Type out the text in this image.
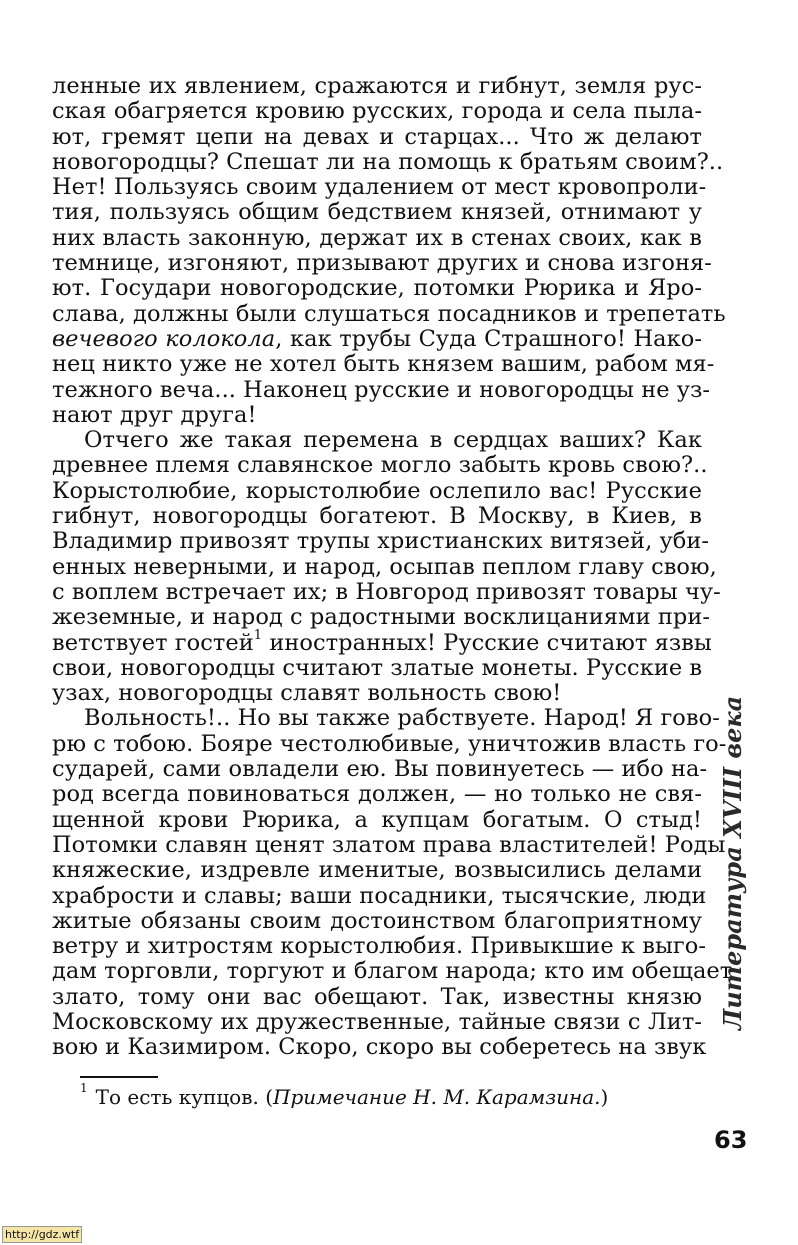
ленные их явлением, сражаются и гибнут, земля рус-
ская обагряется кровию русских, города и села пыла-
ют, гремят цепи на девах и старцах... Что ж делают
новогородцы? Спешат ли на помощь к братьям своим?..
Нет! Пользуясь своим удалением от мест кровопроли-
тия, пользуясь общим бедствием князей, отнимают у
них власть законную, держат их в стенах своих, как в
темнице, изгоняют, призывают других и снова изгоня-
ют. Государи новогородские, потомки Рюрика и Яро-
слава, должны были слушаться посадников и трепетать
вечевого колокола, как трубы Суда Страшного! Нако-
нец никто уже не хотел быть князем вашим, рабом мя-
тежного веча... Наконец русские и новогородцы не уз-
нают друг друга!
Отчего же такая перемена в сердцах ваших? Как
древнее племя славянское могло забыть кровь свою?..
Корыстолюбие, корыстолюбие ослепило вас! Русские
гибнут, новогородцы богатеют. В Москву, в Киев, в
Владимир привозят трупы христианских витязей, уби-
енных неверными, и народ, осыпав пеплом главу свою,
с воплем встречает их; в Новгород привозят товары чу-
жеземные, и народ с радостными восклицаниями при-
ветствует гостей$^1$ иностранных! Русские считают язвы
свои, новогородцы считают златые монеты. Русские в
узах, новогородцы славят вольность свою!
Вольность!.. Но вы также рабствуете. Народ! Я гово-
рю с тобою. Бояре честолюбивые, уничтожив власть го-
сударей, сами овладели ею. Вы повинуетесь — ибо на-
род всегда повиноваться должен, — но только не свя-
щенной крови Рюрика, а купцам богатым. О стыд!
Потомки славян ценят златом права властителей! Роды
княжеские, издревле именитые, возвысились делами
храбрости и славы; ваши посадники, тысячские, люди
житые обязаны своим достоинством благоприятному
ветру и хитростям корыстолюбия. Привыкшие к выго-
дам торговли, торгуют и благом народа; кто им обещает
злато, тому они вас обещают. Так, известны князю
Московскому их дружественные, тайные связи с Лит-
вою и Казимиром. Скоро, скоро вы соберетесь на звук
$^1$ То есть купцов. (Примечание Н. М. Карамзина.)
Литература XVIII века
63
http://gdz.wtf
